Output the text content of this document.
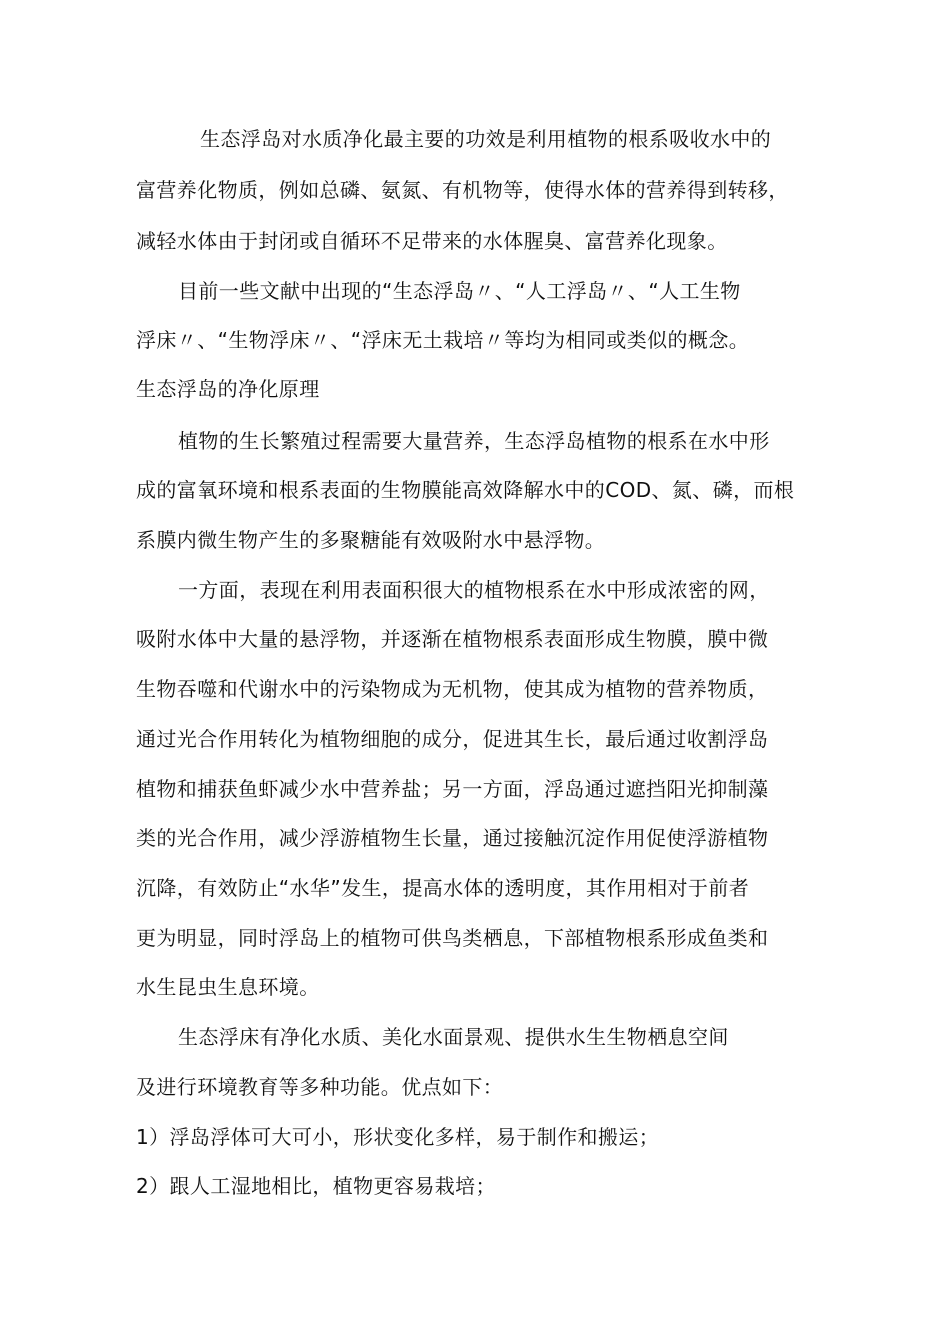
生态浮岛对水质净化最主要的功效是利用植物的根系吸收水中的
富营养化物质，例如总磷、氨氮、有机物等，使得水体的营养得到转移，
减轻水体由于封闭或自循环不足带来的水体腥臭、富营养化现象。
目前一些文献中出现的“生态浮岛〃、“人工浮岛〃、“人工生物
浮床〃、“生物浮床〃、“浮床无土栽培〃等均为相同或类似的概念。
生态浮岛的净化原理
植物的生长繁殖过程需要大量营养，生态浮岛植物的根系在水中形
成的富氧环境和根系表面的生物膜能高效降解水中的COD、氮、磷，而根
系膜内微生物产生的多聚糖能有效吸附水中悬浮物。
一方面，表现在利用表面积很大的植物根系在水中形成浓密的网，
吸附水体中大量的悬浮物，并逐渐在植物根系表面形成生物膜，膜中微
生物吞噬和代谢水中的污染物成为无机物，使其成为植物的营养物质，
通过光合作用转化为植物细胞的成分，促进其生长，最后通过收割浮岛
植物和捕获鱼虾减少水中营养盐；另一方面，浮岛通过遮挡阳光抑制藻
类的光合作用，减少浮游植物生长量，通过接触沉淀作用促使浮游植物
沉降，有效防止“水华”发生，提高水体的透明度，其作用相对于前者
更为明显，同时浮岛上的植物可供鸟类栖息，下部植物根系形成鱼类和
水生昆虫生息环境。
生态浮床有净化水质、美化水面景观、提供水生生物栖息空间
及进行环境教育等多种功能。优点如下：
1）浮岛浮体可大可小，形状变化多样，易于制作和搬运；
2）跟人工湿地相比，植物更容易栽培；
